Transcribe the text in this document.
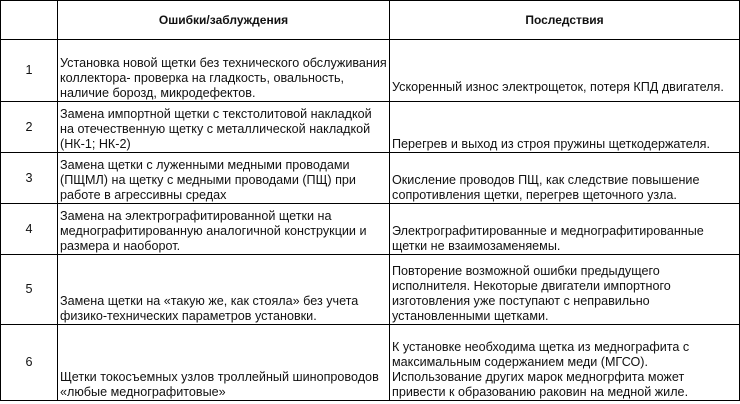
	Ошибки/заблуждения	Последствия
1	Установка новой щетки без технического обслуживания коллектора- проверка на гладкость, овальность, наличие борозд, микродефектов.	Ускоренный износ электрощеток, потеря КПД двигателя.
2	Замена импортной щетки с текстолитовой накладкой на отечественную щетку с металлической накладкой (НК-1; НК-2)	Перегрев и выход из строя пружины щеткодержателя.
3	Замена щетки с луженными медными проводами (ПЩМЛ) на щетку с медными проводами (ПЩ) при работе в агрессивны средах	Окисление проводов ПЩ, как следствие повышение сопротивления щетки, перегрев щеточного узла.
4	Замена на электрографитированной щетки на меднографитированную аналогичной конструкции и размера и наоборот.	Электрографитированные и меднографитированные щетки не взаимозаменяемы.
5	Замена щетки на «такую же, как стояла» без учета физико-технических параметров установки.	Повторение возможной ошибки предыдущего исполнителя. Некоторые двигатели импортного изготовления уже поступают с неправильно установленными щетками.
6	Щетки токосъемных узлов троллейный шинопроводов «любые меднографитовые»	К установке необходима щетка из меднографита с максимальным содержанием меди (МГСО). Использование других марок медногрфита может привести к образованию раковин на медной жиле.
